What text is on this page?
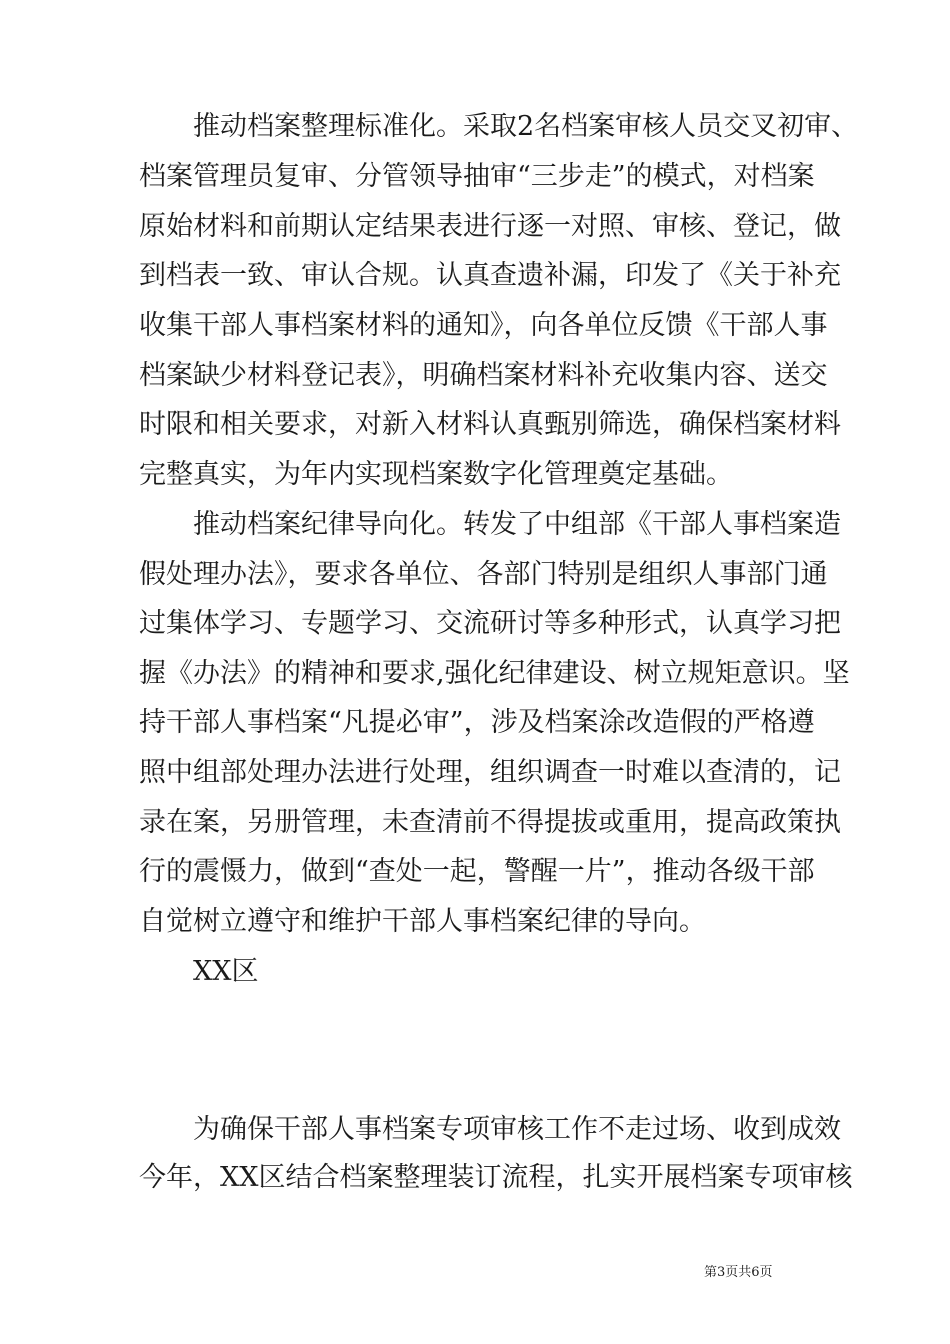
推动档案整理标准化。采取2名档案审核人员交叉初审、
档案管理员复审、分管领导抽审“三步走”的模式，对档案
原始材料和前期认定结果表进行逐一对照、审核、登记，做
到档表一致、审认合规。认真查遗补漏，印发了《关于补充
收集干部人事档案材料的通知》，向各单位反馈《干部人事
档案缺少材料登记表》，明确档案材料补充收集内容、送交
时限和相关要求，对新入材料认真甄别筛选，确保档案材料
完整真实，为年内实现档案数字化管理奠定基础。
推动档案纪律导向化。转发了中组部《干部人事档案造
假处理办法》，要求各单位、各部门特别是组织人事部门通
过集体学习、专题学习、交流研讨等多种形式，认真学习把
握《办法》的精神和要求,强化纪律建设、树立规矩意识。坚
持干部人事档案“凡提必审”，涉及档案涂改造假的严格遵
照中组部处理办法进行处理，组织调查一时难以查清的，记
录在案，另册管理，未查清前不得提拔或重用，提高政策执
行的震慑力，做到“查处一起，警醒一片”，推动各级干部
自觉树立遵守和维护干部人事档案纪律的导向。
XX区
为确保干部人事档案专项审核工作不走过场、收到成效
今年，XX区结合档案整理装订流程，扎实开展档案专项审核
第3页共6页
